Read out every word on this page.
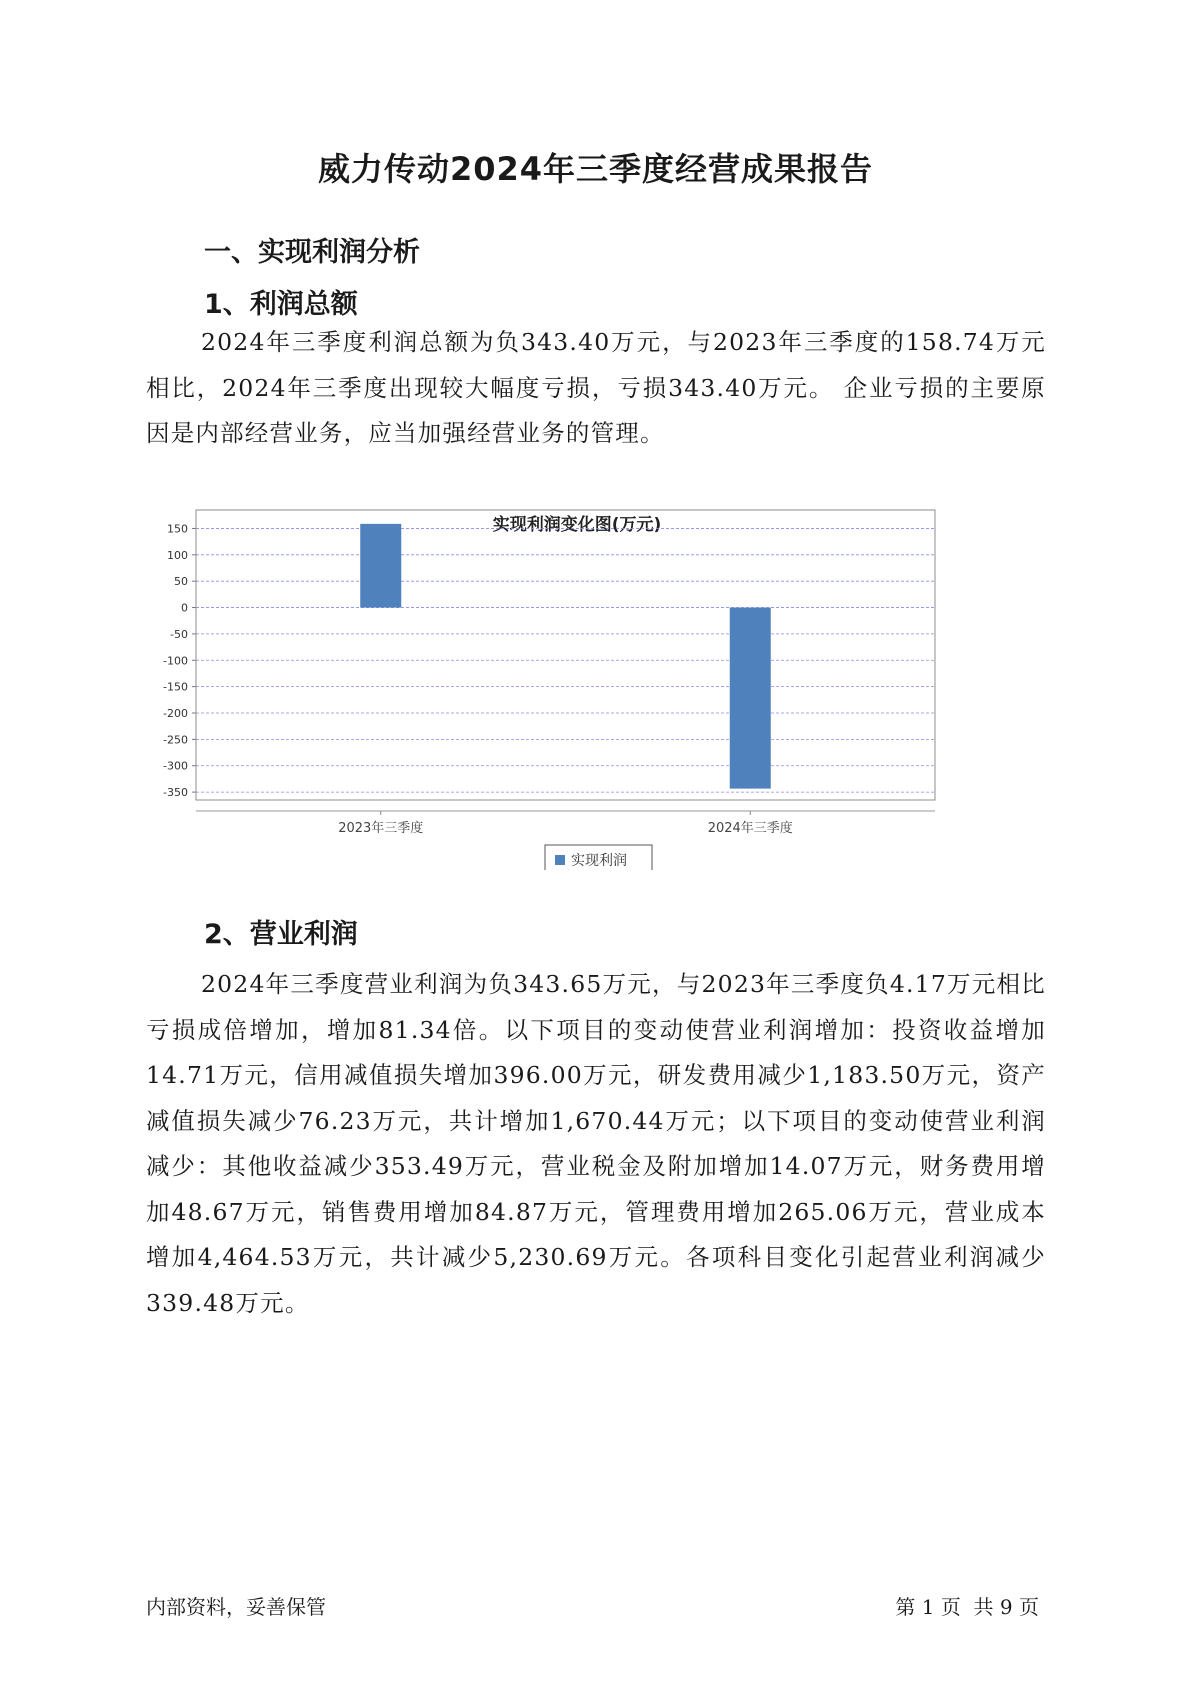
威力传动2024年三季度经营成果报告
一、实现利润分析
1、利润总额
2024年三季度利润总额为负343.40万元，与2023年三季度的158.74万元相比，2024年三季度出现较大幅度亏损，亏损343.40万元。 企业亏损的主要原因是内部经营业务，应当加强经营业务的管理。
实现利润变化图(万元)
150
100
50
0
-50
-100
-150
-200
-250
-300
-350
2023年三季度	2024年三季度
实现利润
2、营业利润
2024年三季度营业利润为负343.65万元，与2023年三季度负4.17万元相比亏损成倍增加，增加81.34倍。以下项目的变动使营业利润增加：投资收益增加14.71万元，信用减值损失增加396.00万元，研发费用减少1,183.50万元，资产减值损失减少76.23万元，共计增加1,670.44万元；以下项目的变动使营业利润减少：其他收益减少353.49万元，营业税金及附加增加14.07万元，财务费用增加48.67万元，销售费用增加84.87万元，管理费用增加265.06万元，营业成本增加4,464.53万元，共计减少5,230.69万元。各项科目变化引起营业利润减少339.48万元。
内部资料，妥善保管	第 1 页  共 9 页
